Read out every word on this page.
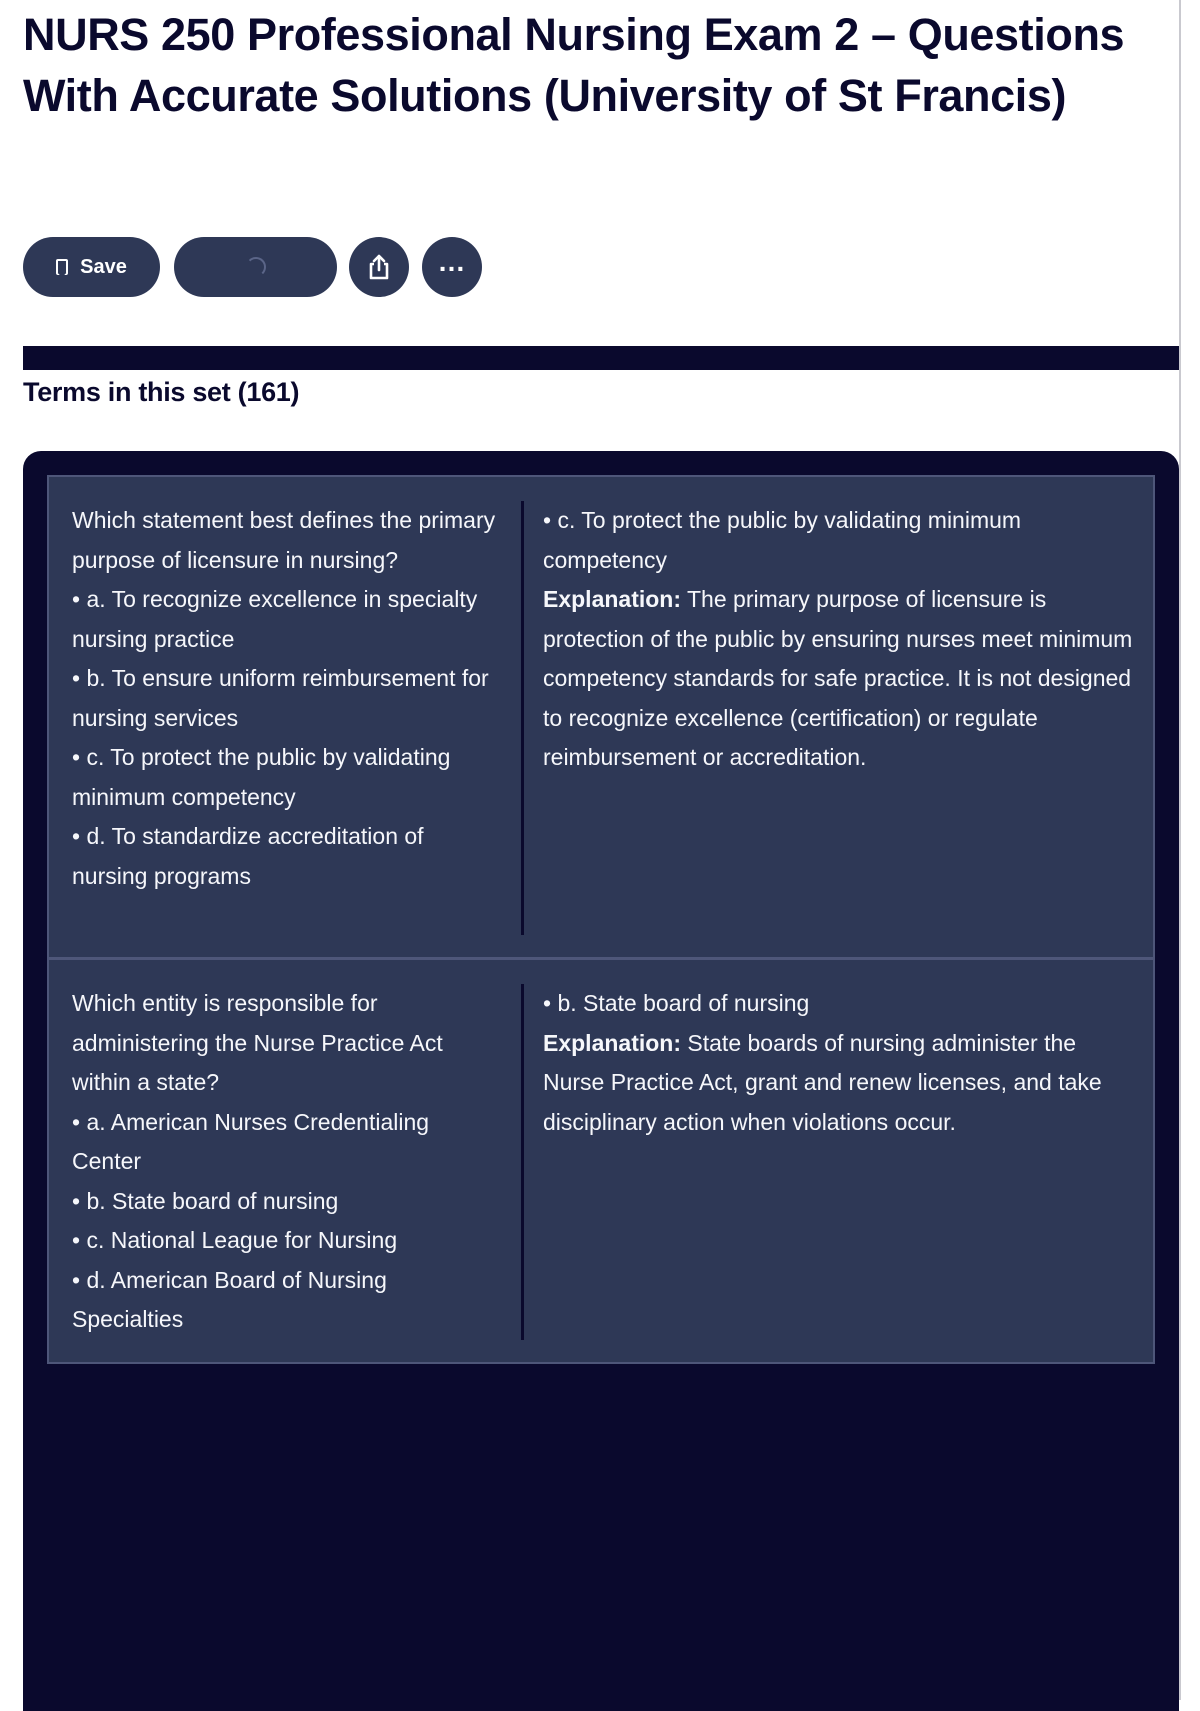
NURS 250 Professional Nursing Exam 2 – Questions With Accurate Solutions (University of St Francis)
Save	…
Terms in this set (161)
Which statement best defines the primary purpose of licensure in nursing?
• a. To recognize excellence in specialty nursing practice
• b. To ensure uniform reimbursement for nursing services
• c. To protect the public by validating minimum competency
• d. To standardize accreditation of nursing programs
• c. To protect the public by validating minimum competency
Explanation: The primary purpose of licensure is protection of the public by ensuring nurses meet minimum competency standards for safe practice. It is not designed to recognize excellence (certification) or regulate reimbursement or accreditation.
Which entity is responsible for administering the Nurse Practice Act within a state?
• a. American Nurses Credentialing Center
• b. State board of nursing
• c. National League for Nursing
• d. American Board of Nursing Specialties
• b. State board of nursing
Explanation: State boards of nursing administer the Nurse Practice Act, grant and renew licenses, and take disciplinary action when violations occur.
